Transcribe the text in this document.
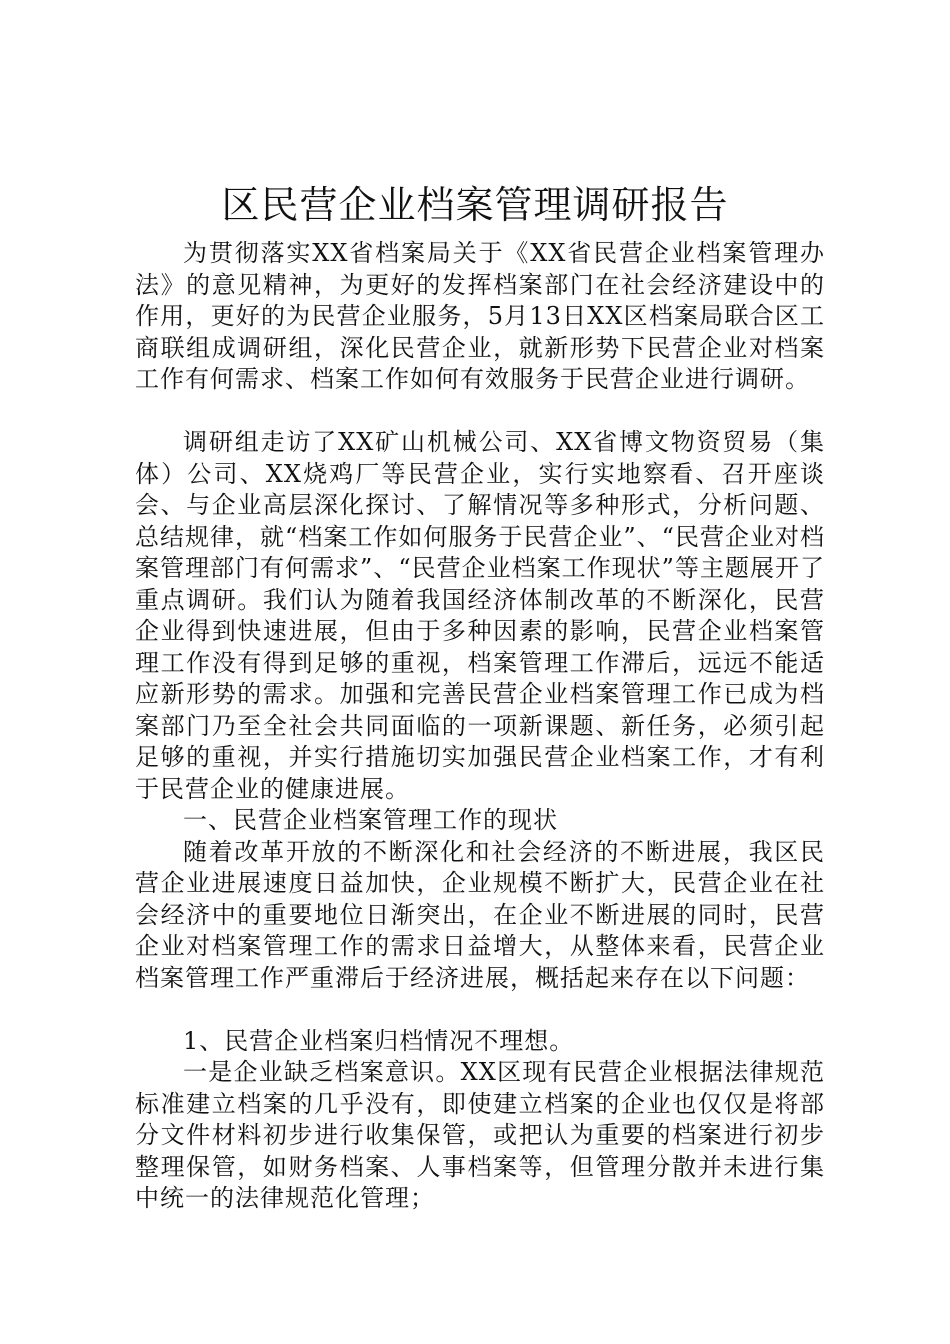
区民营企业档案管理调研报告

为贯彻落实XX省档案局关于《XX省民营企业档案管理办法》的意见精神，为更好的发挥档案部门在社会经济建设中的作用，更好的为民营企业服务，5月13日XX区档案局联合区工商联组成调研组，深化民营企业，就新形势下民营企业对档案工作有何需求、档案工作如何有效服务于民营企业进行调研。

调研组走访了XX矿山机械公司、XX省博文物资贸易（集体）公司、XX烧鸡厂等民营企业，实行实地察看、召开座谈会、与企业高层深化探讨、了解情况等多种形式，分析问题、总结规律，就“档案工作如何服务于民营企业”、“民营企业对档案管理部门有何需求”、“民营企业档案工作现状”等主题展开了重点调研。我们认为随着我国经济体制改革的不断深化，民营企业得到快速进展，但由于多种因素的影响，民营企业档案管理工作没有得到足够的重视，档案管理工作滞后，远远不能适应新形势的需求。加强和完善民营企业档案管理工作已成为档案部门乃至全社会共同面临的一项新课题、新任务，必须引起足够的重视，并实行措施切实加强民营企业档案工作，才有利于民营企业的健康进展。

一、民营企业档案管理工作的现状

随着改革开放的不断深化和社会经济的不断进展，我区民营企业进展速度日益加快，企业规模不断扩大，民营企业在社会经济中的重要地位日渐突出，在企业不断进展的同时，民营企业对档案管理工作的需求日益增大，从整体来看，民营企业档案管理工作严重滞后于经济进展，概括起来存在以下问题：

1、民营企业档案归档情况不理想。

一是企业缺乏档案意识。XX区现有民营企业根据法律规范标准建立档案的几乎没有，即使建立档案的企业也仅仅是将部分文件材料初步进行收集保管，或把认为重要的档案进行初步整理保管，如财务档案、人事档案等，但管理分散并未进行集中统一的法律规范化管理；
